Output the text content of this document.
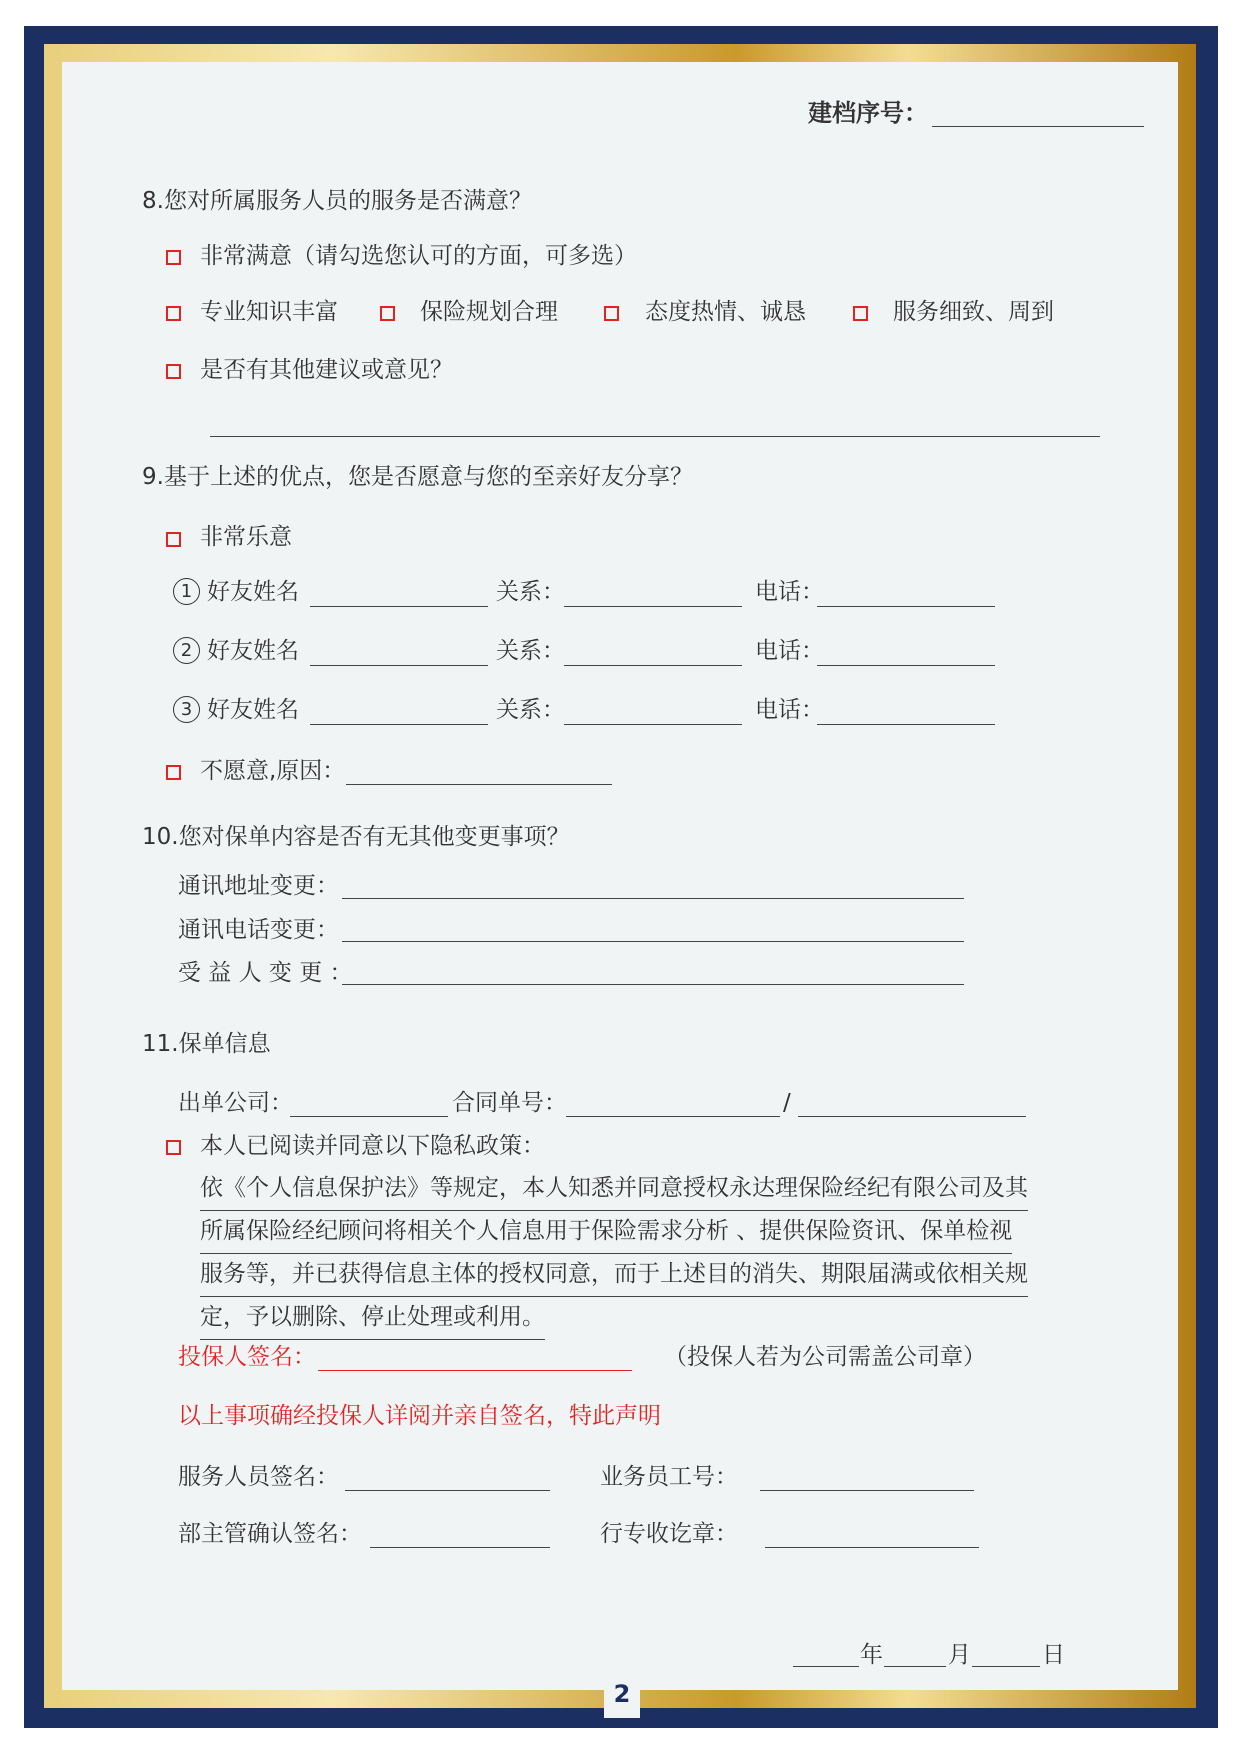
2
建档序号：
8.您对所属服务人员的服务是否满意？
非常满意（请勾选您认可的方面，可多选）
专业知识丰富	保险规划合理	态度热情、诚恳	服务细致、周到
是否有其他建议或意见？
9.基于上述的优点，您是否愿意与您的至亲好友分享？
非常乐意
1 好友姓名	关系：	电话：
2 好友姓名	关系：	电话：
3 好友姓名	关系：	电话：
不愿意,原因：
10.您对保单内容是否有无其他变更事项？
通讯地址变更：
通讯电话变更：
受 益 人 变 更 ：
11.保单信息
出单公司：	合同单号：	/
本人已阅读并同意以下隐私政策：
依《个人信息保护法》等规定，本人知悉并同意授权永达理保险经纪有限公司及其
所属保险经纪顾问将相关个人信息用于保险需求分析 、提供保险资讯、保单检视
服务等，并已获得信息主体的授权同意，而于上述目的消失、期限届满或依相关规
定，予以删除、停止处理或利用。
投保人签名：	（投保人若为公司需盖公司章）
以上事项确经投保人详阅并亲自签名，特此声明
服务人员签名：	业务员工号：
部主管确认签名：	行专收讫章：
年	月	日
